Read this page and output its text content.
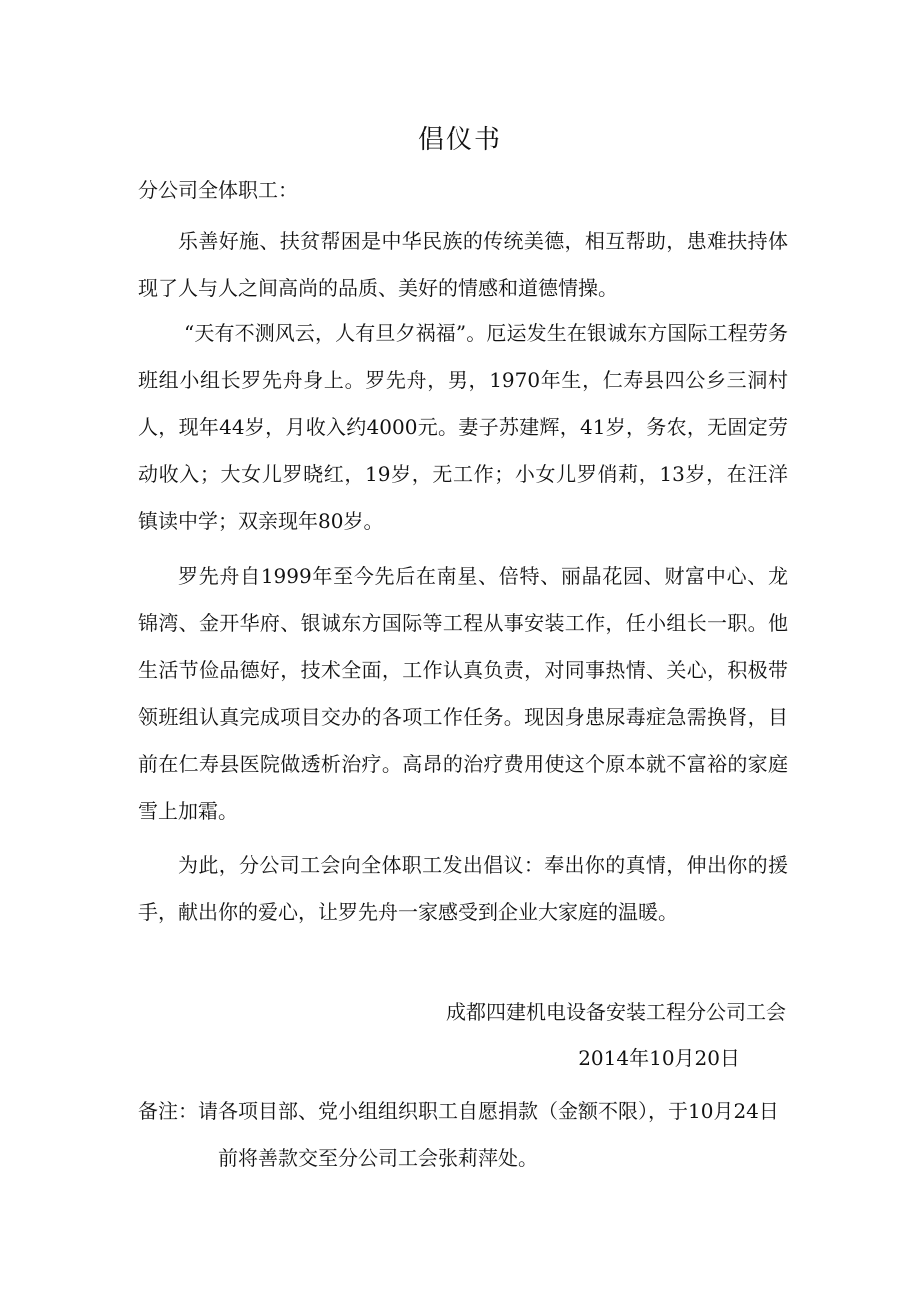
倡仪书
分公司全体职工：

乐善好施、扶贫帮困是中华民族的传统美德，相互帮助，患难扶持体现了人与人之间高尚的品质、美好的情感和道德情操。

“天有不测风云，人有旦夕祸福”。厄运发生在银诚东方国际工程劳务班组小组长罗先舟身上。罗先舟，男，1970年生，仁寿县四公乡三洞村人，现年44岁，月收入约4000元。妻子苏建辉，41岁，务农，无固定劳动收入；大女儿罗晓红，19岁，无工作；小女儿罗俏莉，13岁，在汪洋镇读中学；双亲现年80岁。

罗先舟自1999年至今先后在南星、倍特、丽晶花园、财富中心、龙锦湾、金开华府、银诚东方国际等工程从事安装工作，任小组长一职。他生活节俭品德好，技术全面，工作认真负责，对同事热情、关心，积极带领班组认真完成项目交办的各项工作任务。现因身患尿毒症急需换肾，目前在仁寿县医院做透析治疗。高昂的治疗费用使这个原本就不富裕的家庭雪上加霜。

为此，分公司工会向全体职工发出倡议：奉出你的真情，伸出你的援手，献出你的爱心，让罗先舟一家感受到企业大家庭的温暖。

成都四建机电设备安装工程分公司工会
2014年10月20日

备注：请各项目部、党小组组织职工自愿捐款（金额不限），于10月24日

前将善款交至分公司工会张莉萍处。
